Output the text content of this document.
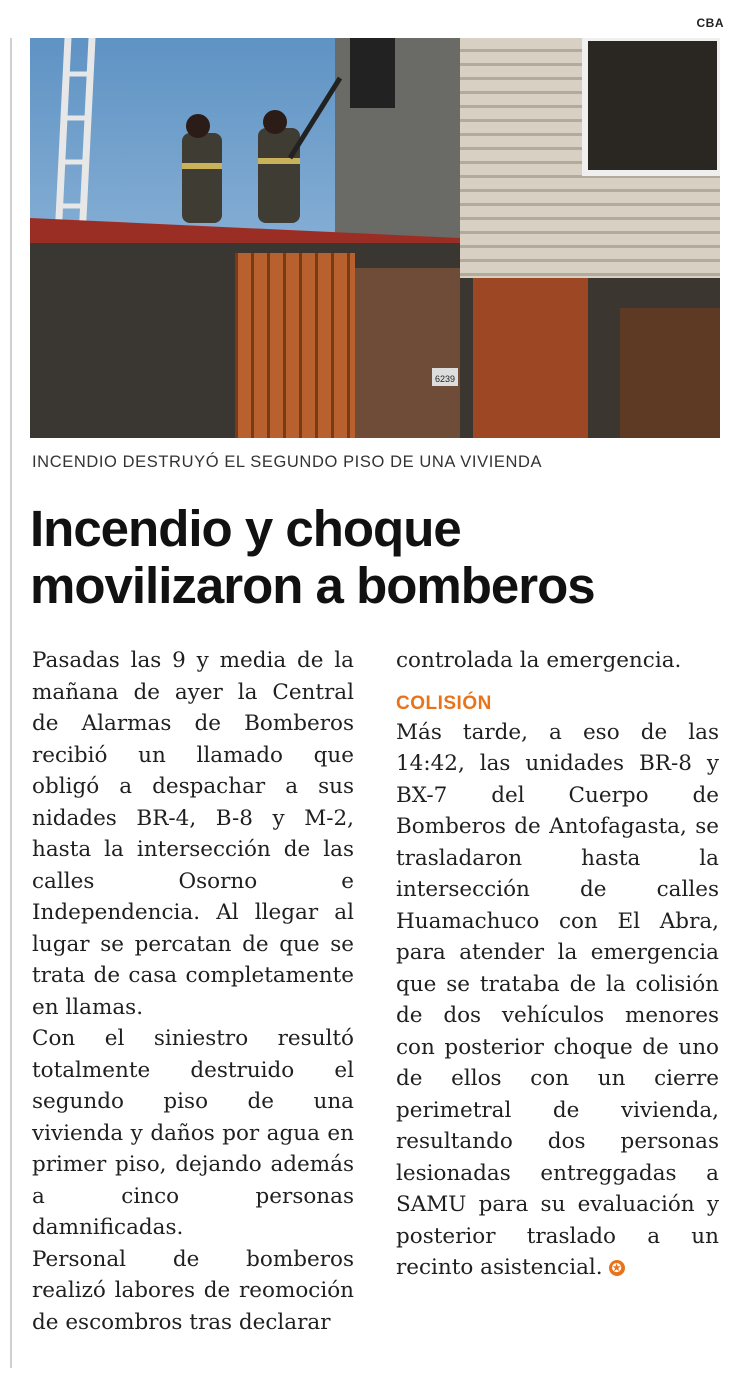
CBA
6239
INCENDIO DESTRUYÓ EL SEGUNDO PISO DE UNA VIVIENDA
Incendio y choque
movilizaron a bomberos

Pasadas las 9 y media de la mañana de ayer la Central de Alarmas de Bomberos recibió un llamado que obligó a despachar a sus nidades BR-4, B-8 y M-2, hasta la intersección de las calles Osorno e Independencia. Al llegar al lugar se percatan de que se trata de casa completamente en llamas.

Con el siniestro resultó totalmente destruido el segundo piso de una vivienda y daños por agua en primer piso, dejando además a cinco personas damnificadas.

Personal de bomberos realizó labores de reomoción de escombros tras declarar

controlada la emergencia.

COLISIÓN

Más tarde, a eso de las 14:42, las unidades BR-8 y BX-7 del Cuerpo de Bomberos de Antofagasta, se trasladaron hasta la intersección de calles Huamachuco con El Abra, para atender la emergencia que se trataba de la colisión de dos vehículos menores con posterior choque de uno de ellos con un cierre perimetral de vivienda, resultando dos personas lesionadas entreggadas a SAMU para su evaluación y posterior traslado a un recinto asistencial. ✪
